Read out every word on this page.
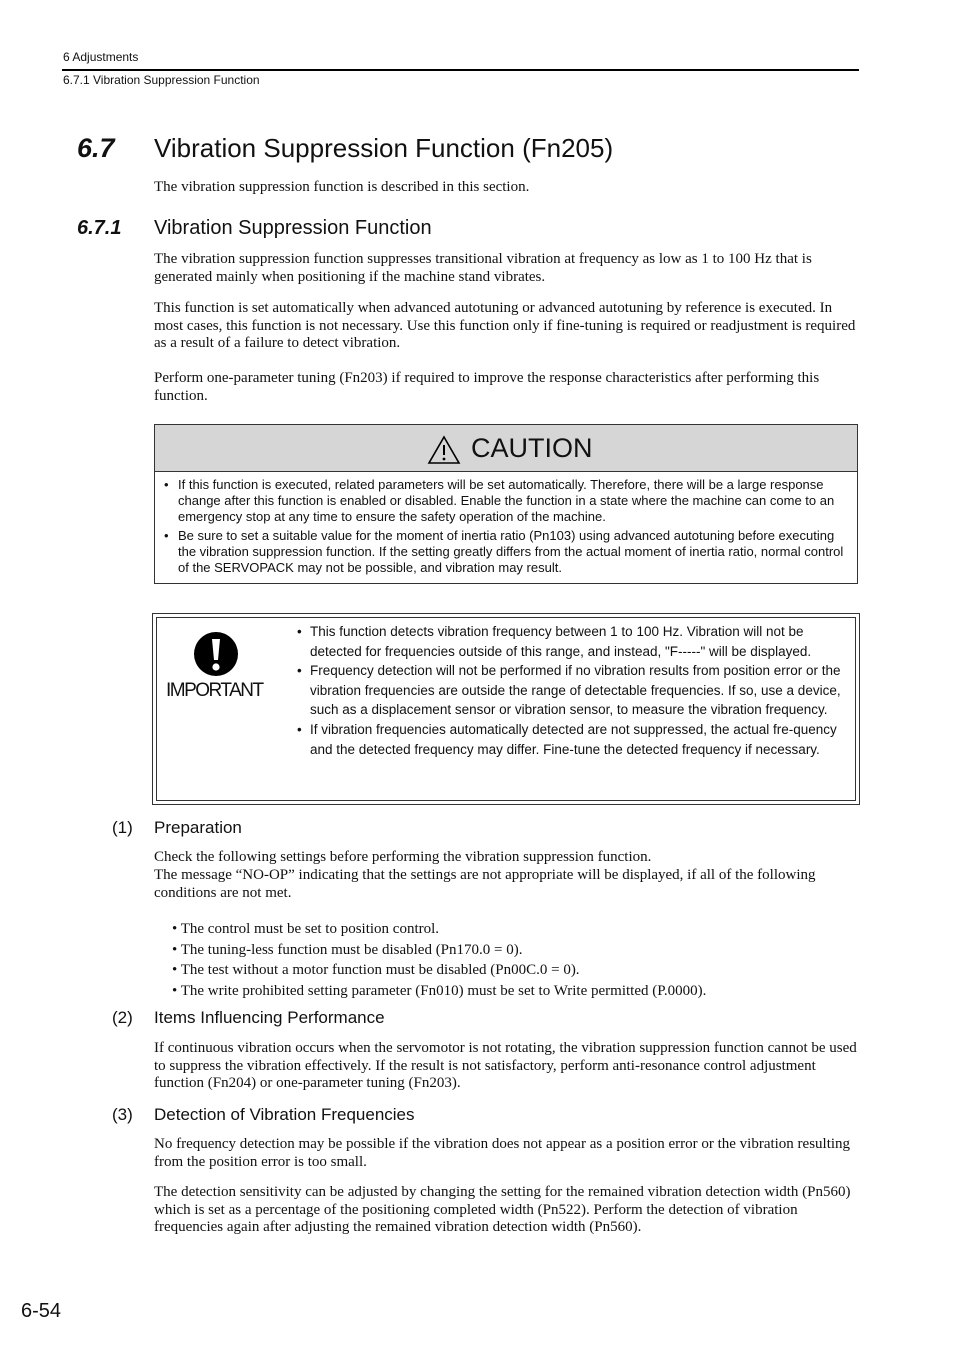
6 Adjustments
6.7.1 Vibration Suppression Function
6.7 Vibration Suppression Function (Fn205)
The vibration suppression function is described in this section.
6.7.1 Vibration Suppression Function
The vibration suppression function suppresses transitional vibration at frequency as low as 1 to 100 Hz that is generated mainly when positioning if the machine stand vibrates.
This function is set automatically when advanced autotuning or advanced autotuning by reference is executed. In most cases, this function is not necessary. Use this function only if fine-tuning is required or readjustment is required as a result of a failure to detect vibration.
Perform one-parameter tuning (Fn203) if required to improve the response characteristics after performing this function.
CAUTION
• If this function is executed, related parameters will be set automatically. Therefore, there will be a large response change after this function is enabled or disabled. Enable the function in a state where the machine can come to an emergency stop at any time to ensure the safety operation of the machine.
• Be sure to set a suitable value for the moment of inertia ratio (Pn103) using advanced autotuning before executing the vibration suppression function. If the setting greatly differs from the actual moment of inertia ratio, normal control of the SERVOPACK may not be possible, and vibration may result.
IMPORTANT
• This function detects vibration frequency between 1 to 100 Hz. Vibration will not be detected for frequencies outside of this range, and instead, "F-----" will be displayed.
• Frequency detection will not be performed if no vibration results from position error or the vibration frequencies are outside the range of detectable frequencies. If so, use a device, such as a displacement sensor or vibration sensor, to measure the vibration frequency.
• If vibration frequencies automatically detected are not suppressed, the actual fre-quency and the detected frequency may differ. Fine-tune the detected frequency if necessary.
(1) Preparation
Check the following settings before performing the vibration suppression function.
The message “NO-OP” indicating that the settings are not appropriate will be displayed, if all of the following conditions are not met.
• The control must be set to position control.
• The tuning-less function must be disabled (Pn170.0 = 0).
• The test without a motor function must be disabled (Pn00C.0 = 0).
• The write prohibited setting parameter (Fn010) must be set to Write permitted (P.0000).
(2) Items Influencing Performance
If continuous vibration occurs when the servomotor is not rotating, the vibration suppression function cannot be used to suppress the vibration effectively. If the result is not satisfactory, perform anti-resonance control adjustment function (Fn204) or one-parameter tuning (Fn203).
(3) Detection of Vibration Frequencies
No frequency detection may be possible if the vibration does not appear as a position error or the vibration resulting from the position error is too small.
The detection sensitivity can be adjusted by changing the setting for the remained vibration detection width (Pn560) which is set as a percentage of the positioning completed width (Pn522). Perform the detection of vibration frequencies again after adjusting the remained vibration detection width (Pn560).
6-54
